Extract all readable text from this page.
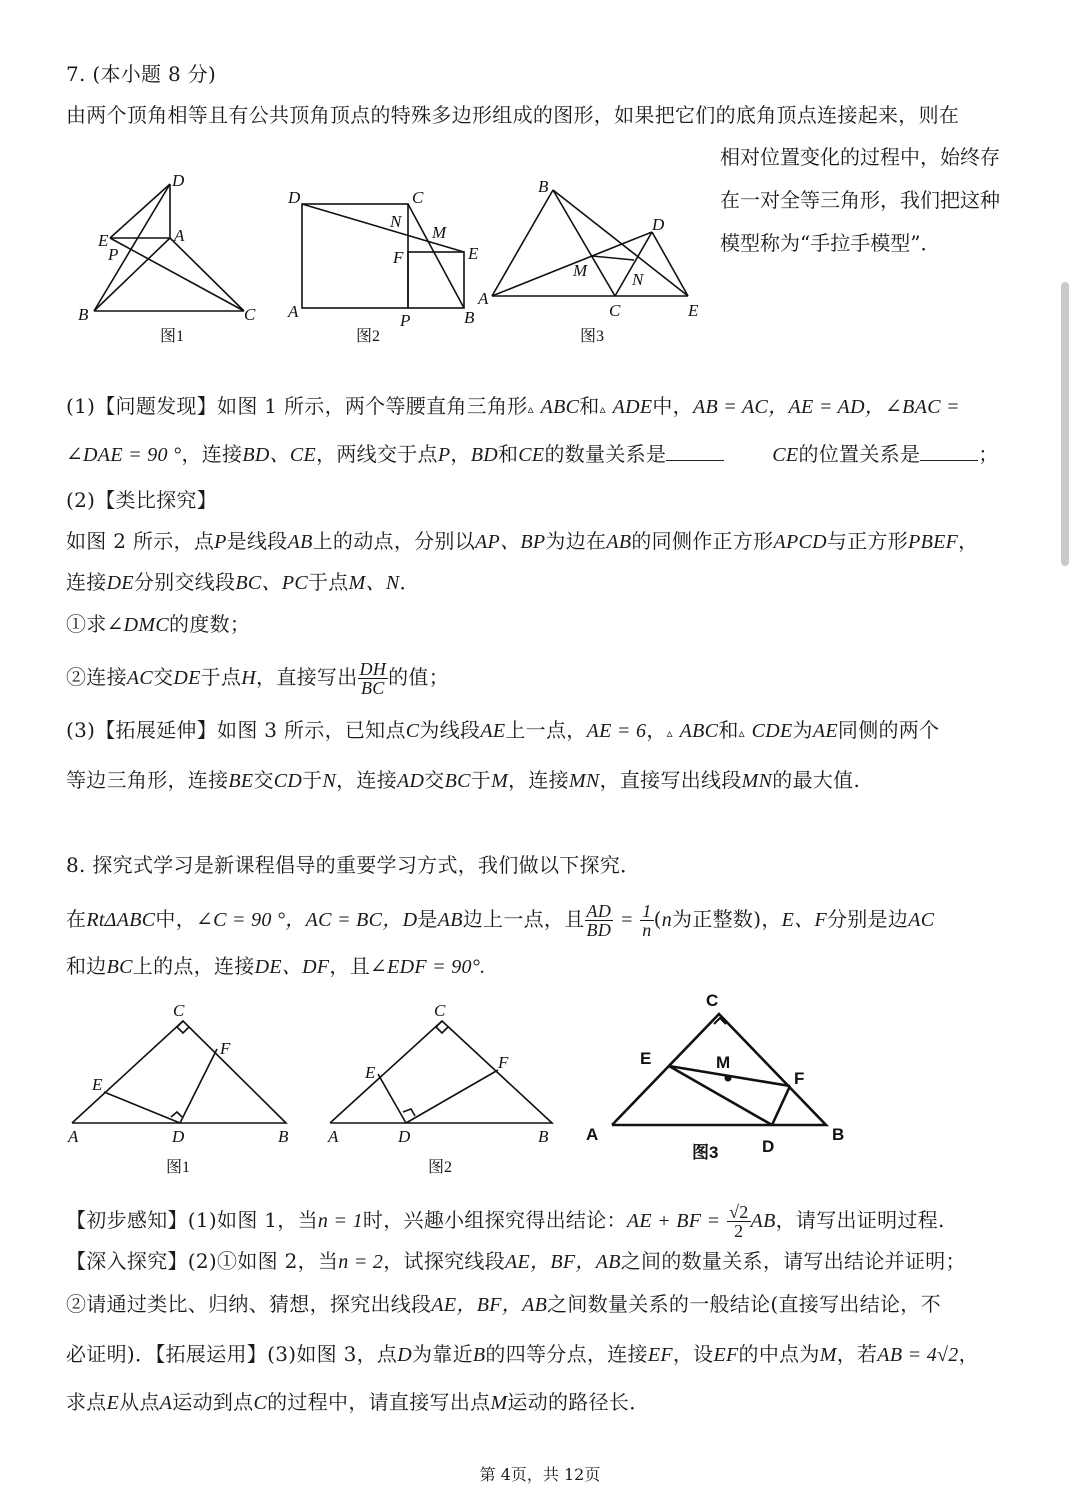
7. (本小题 8 分)
由两个顶角相等且有公共顶角顶点的特殊多边形组成的图形，如果把它们的底角顶点连接起来，则在
相对位置变化的过程中，始终存
在一对全等三角形，我们把这种
模型称为“手拉手模型”．
D
E	A
P
B	C
图1
D	C
N
M
F	E
A	P	B
图2
B
D
M	N
A
C	E
图3
(1)【问题发现】如图 1 所示，两个等腰直角三角形▵ ABC和▵ ADE中，AB = AC，AE = AD，∠BAC =
∠DAE = 90 °，连接BD、CE，两线交于点P，BD和CE的数量关系是	CE的位置关系是	；
(2)【类比探究】
如图 2 所示，点P是线段AB上的动点，分别以AP、BP为边在AB的同侧作正方形APCD与正方形PBEF，
连接DE分别交线段BC、PC于点M、N．
①求∠DMC的度数；
②连接AC交DE于点H，直接写出 $\frac{DH}{BC}$ 的值；
(3)【拓展延伸】如图 3 所示，已知点C为线段AE上一点，AE = 6，▵ ABC和▵ CDE为AE同侧的两个
等边三角形，连接BE交CD于N，连接AD交BC于M，连接MN，直接写出线段MN的最大值.
8. 探究式学习是新课程倡导的重要学习方式，我们做以下探究．
在RtΔABC中，∠C = 90 °，AC = BC，D是AB边上一点，且 $\frac{AD}{BD} = \frac{1}{n} (n$为正整数)，E、F分别是边AC
和边BC上的点，连接DE、DF，且∠EDF = 90°.
C
F
E
A	D	B
图1
C
E
F
A	D	B
图2
C
E	M
F
A	B
D
图3
【初步感知】(1)如图 1，当n = 1时，兴趣小组探究得出结论：AE + BF = $\frac{√2}{2}$ AB，请写出证明过程.
【深入探究】(2)①如图 2，当n = 2，试探究线段AE，BF，AB之间的数量关系，请写出结论并证明；
②请通过类比、归纳、猜想，探究出线段AE，BF，AB之间数量关系的一般结论(直接写出结论，不
必证明)．【拓展运用】(3)如图 3，点D为靠近B的四等分点，连接EF，设EF的中点为M，若AB = 4√2，
求点E从点A运动到点C的过程中，请直接写出点M运动的路径长．
第 4页，共 12页
